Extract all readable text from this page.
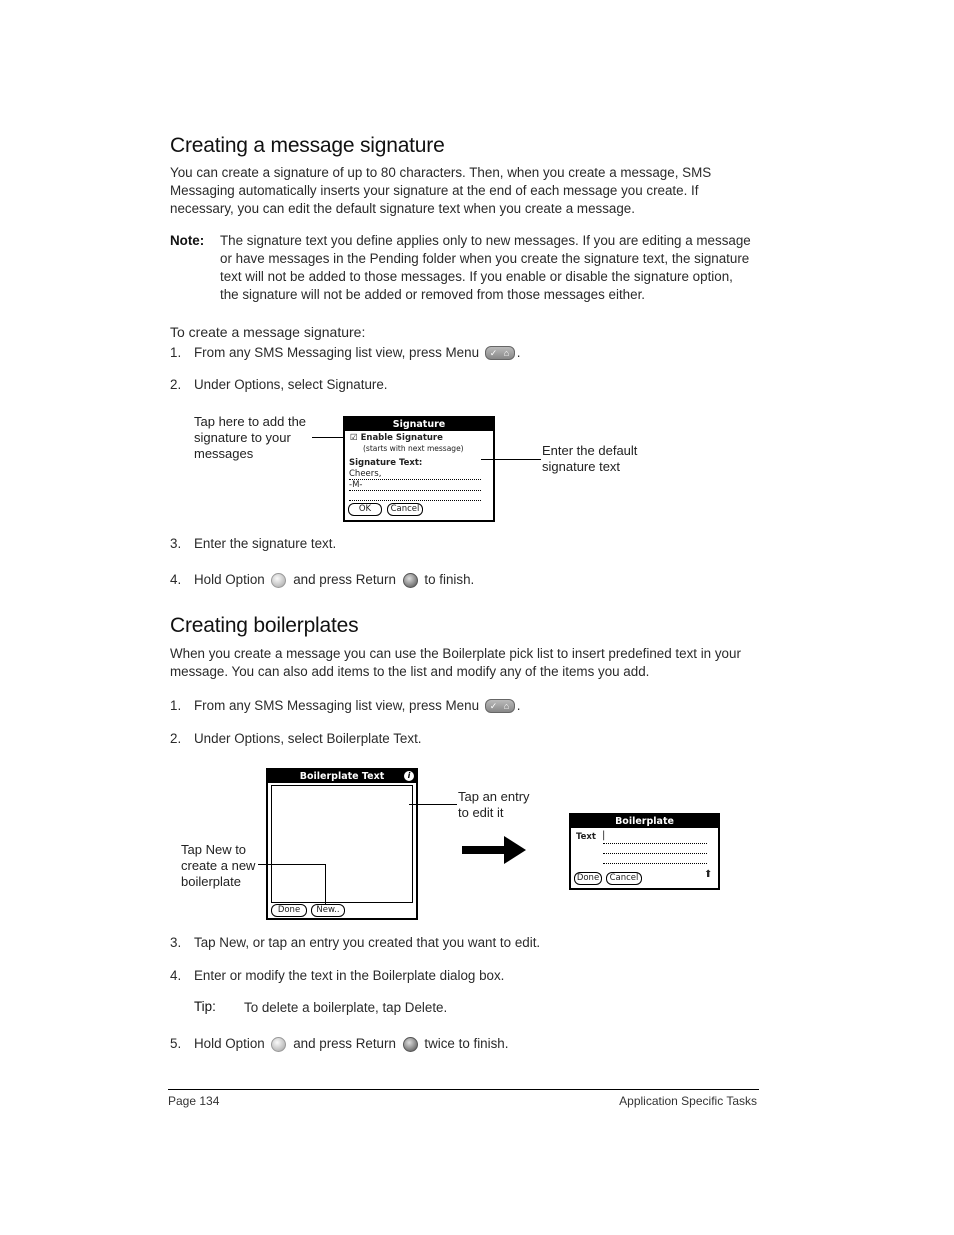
Creating a message signature
You can create a signature of up to 80 characters. Then, when you create a message, SMS
Messaging automatically inserts your signature at the end of each message you create. If
necessary, you can edit the default signature text when you create a message.
Note: The signature text you define applies only to new messages. If you are editing a message
or have messages in the Pending folder when you create the signature text, the signature
text will not be added to those messages. If you enable or disable the signature option,
the signature will not be added or removed from those messages either.
To create a message signature:
1. From any SMS Messaging list view, press Menu ✓ ⌂	.
2. Under Options, select Signature.
Tap here to add the
signature to your
messages
Signature
☑ Enable Signature
(starts with next message)
Signature Text:
Cheers,
-M-
OK	Cancel
Enter the default
signature text
3. Enter the signature text.
4. Hold Option and press Return to finish.
Creating boilerplates
When you create a message you can use the Boilerplate pick list to insert predefined text in your
message. You can also add items to the list and modify any of the items you add.
1. From any SMS Messaging list view, press Menu ✓ ⌂	.
2. Under Options, select Boilerplate Text.
Boilerplate Text	i
Done	New..
Tap an entry
to edit it
Tap New to
create a new
boilerplate
Boilerplate
Text |
Done	Cancel	⬆
3. Tap New, or tap an entry you created that you want to edit.
4. Enter or modify the text in the Boilerplate dialog box.
Tip: To delete a boilerplate, tap Delete.
5. Hold Option and press Return twice to finish.
Page 134	Application Specific Tasks
